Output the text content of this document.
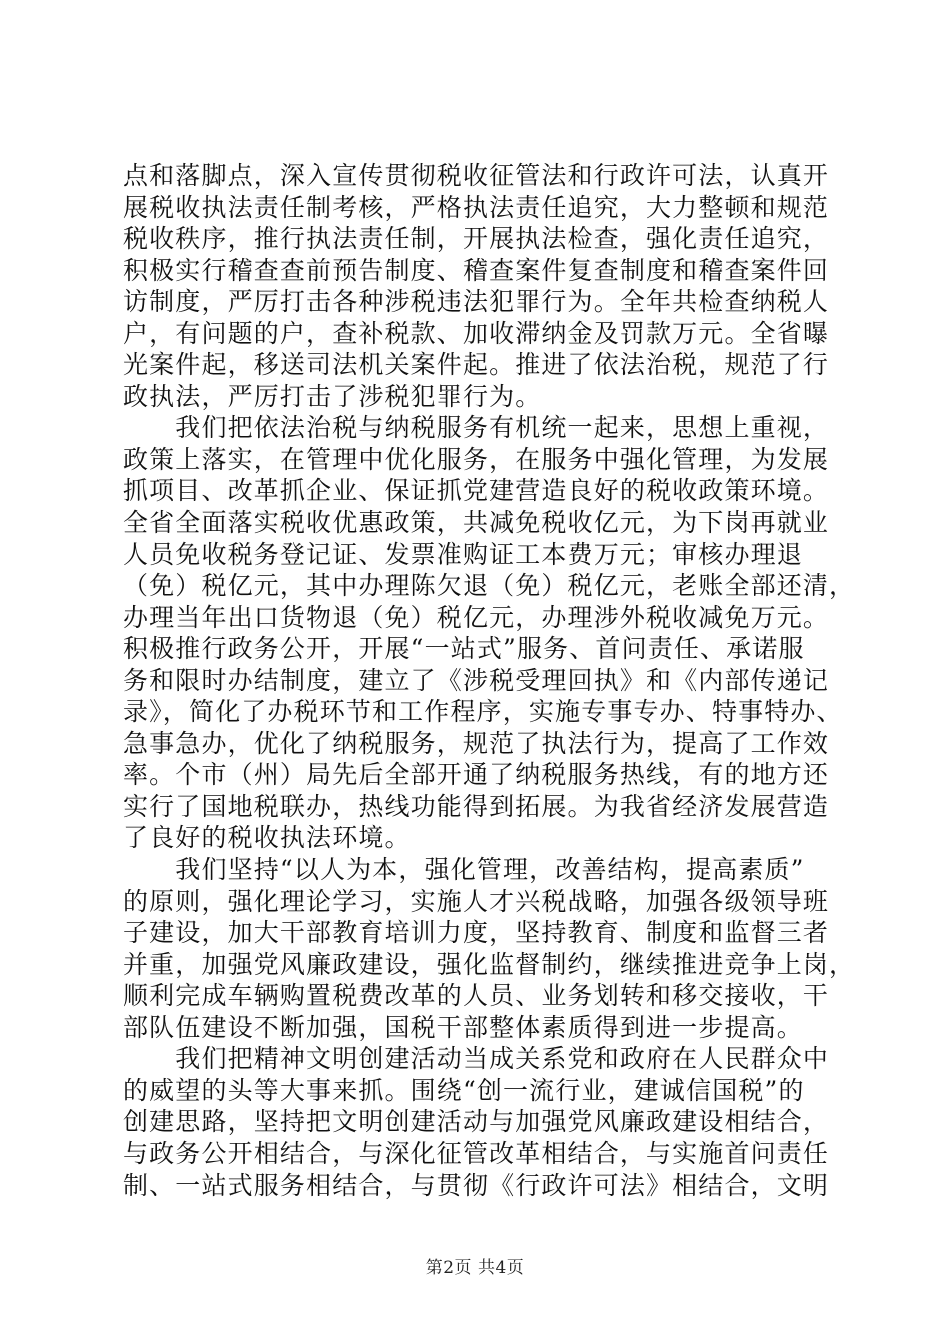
点和落脚点，深入宣传贯彻税收征管法和行政许可法，认真开
展税收执法责任制考核，严格执法责任追究，大力整顿和规范
税收秩序，推行执法责任制，开展执法检查，强化责任追究，
积极实行稽查查前预告制度、稽查案件复查制度和稽查案件回
访制度，严厉打击各种涉税违法犯罪行为。全年共检查纳税人
户，有问题的户，查补税款、加收滞纳金及罚款万元。全省曝
光案件起，移送司法机关案件起。推进了依法治税，规范了行
政执法，严厉打击了涉税犯罪行为。
　　我们把依法治税与纳税服务有机统一起来，思想上重视，
政策上落实，在管理中优化服务，在服务中强化管理，为发展
抓项目、改革抓企业、保证抓党建营造良好的税收政策环境。
全省全面落实税收优惠政策，共减免税收亿元，为下岗再就业
人员免收税务登记证、发票准购证工本费万元；审核办理退
（免）税亿元，其中办理陈欠退（免）税亿元，老账全部还清，
办理当年出口货物退（免）税亿元，办理涉外税收减免万元。
积极推行政务公开，开展“一站式”服务、首问责任、承诺服
务和限时办结制度，建立了《涉税受理回执》和《内部传递记
录》，简化了办税环节和工作程序，实施专事专办、特事特办、
急事急办，优化了纳税服务，规范了执法行为，提高了工作效
率。个市（州）局先后全部开通了纳税服务热线，有的地方还
实行了国地税联办，热线功能得到拓展。为我省经济发展营造
了良好的税收执法环境。
　　我们坚持“以人为本，强化管理，改善结构，提高素质”
的原则，强化理论学习，实施人才兴税战略，加强各级领导班
子建设，加大干部教育培训力度，坚持教育、制度和监督三者
并重，加强党风廉政建设，强化监督制约，继续推进竞争上岗，
顺利完成车辆购置税费改革的人员、业务划转和移交接收，干
部队伍建设不断加强，国税干部整体素质得到进一步提高。
　　我们把精神文明创建活动当成关系党和政府在人民群众中
的威望的头等大事来抓。围绕“创一流行业，建诚信国税”的
创建思路，坚持把文明创建活动与加强党风廉政建设相结合，
与政务公开相结合，与深化征管改革相结合，与实施首问责任
制、一站式服务相结合，与贯彻《行政许可法》相结合，文明
第2页 共4页
